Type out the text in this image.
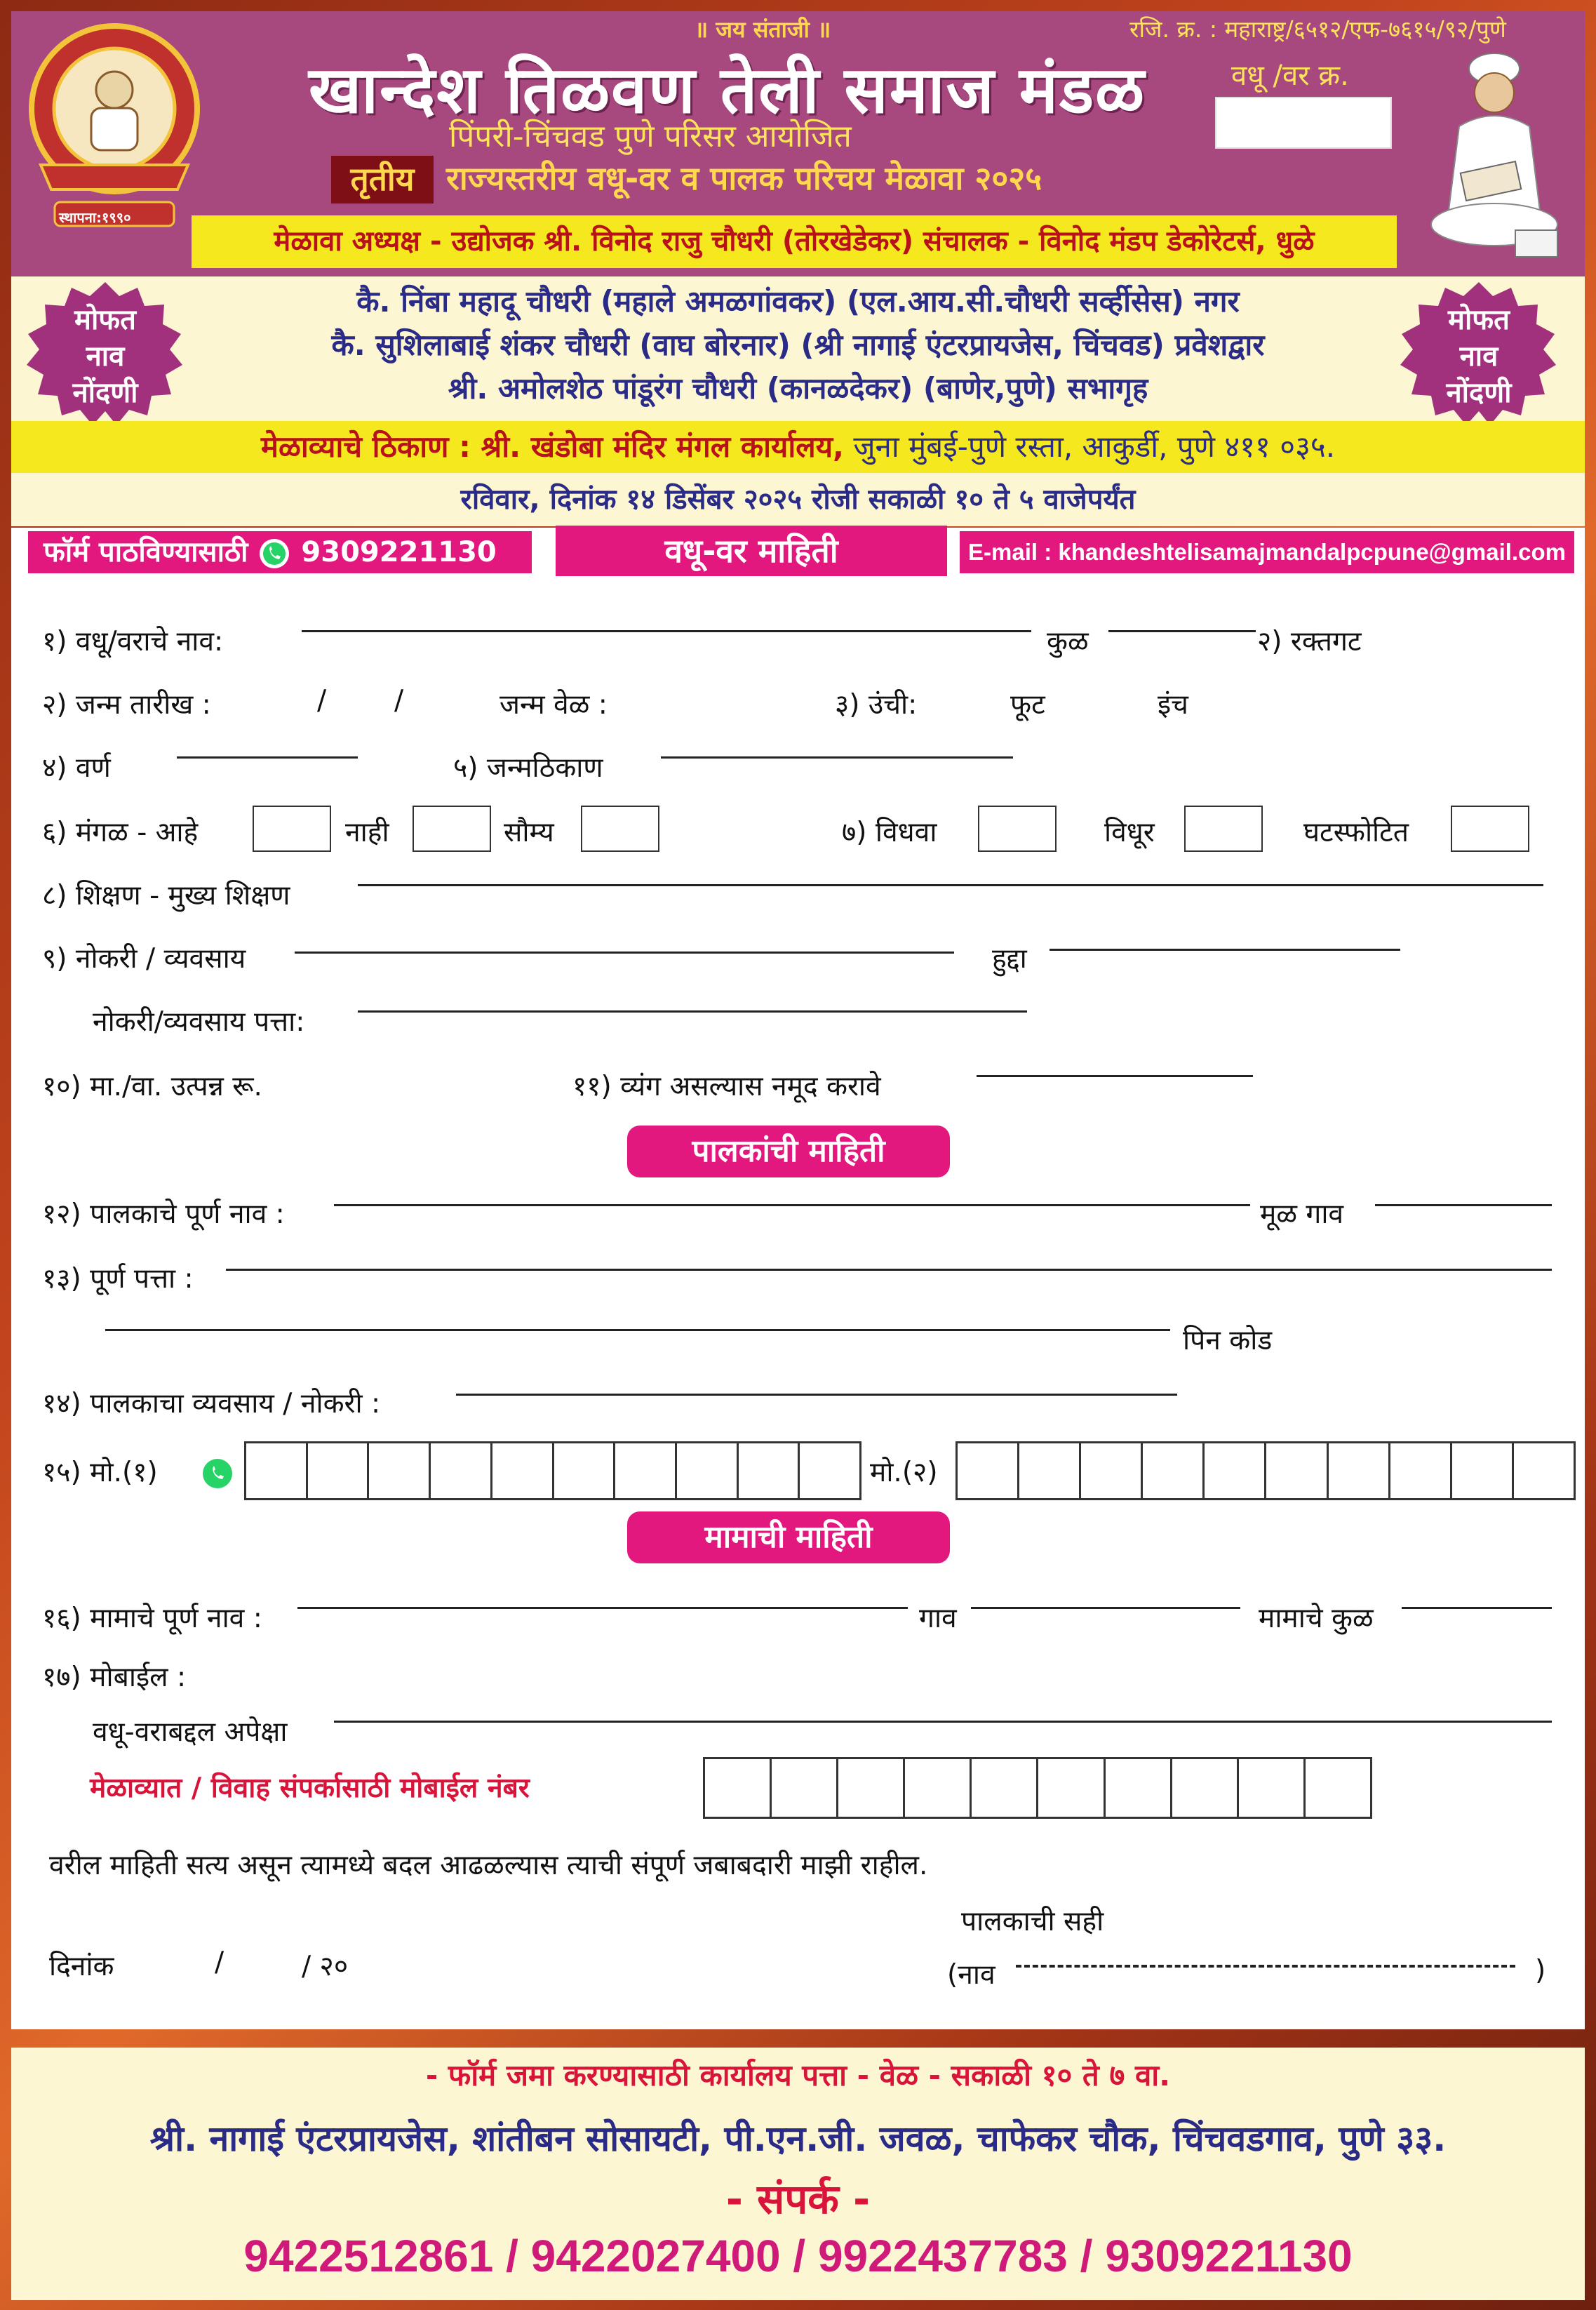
स्थापना:१९९०
॥ जय संताजी ॥	रजि. क्र. : महाराष्ट्र/६५१२/एफ-७६१५/९२/पुणे
खान्देश तिळवण तेली समाज मंडळ	वधू /वर क्र.
पिंपरी-चिंचवड पुणे परिसर आयोजित
तृतीय राज्यस्तरीय वधू-वर व पालक परिचय मेळावा २०२५
मेळावा अध्यक्ष - उद्योजक श्री. विनोद राजु चौधरी (तोरखेडेकर) संचालक - विनोद मंडप डेकोरेटर्स, धुळे
कै. निंबा महादू चौधरी (महाले अमळगांवकर) (एल.आय.सी.चौधरी सर्व्हीसेस) नगर
कै. सुशिलाबाई शंकर चौधरी (वाघ बोरनार) (श्री नागाई एंटरप्रायजेस, चिंचवड) प्रवेशद्वार
श्री. अमोलशेठ पांडूरंग चौधरी (कानळदेकर) (बाणेर,पुणे) सभागृह
मोफत
नाव
नोंदणी
मोफत
नाव
नोंदणी
मेळाव्याचे ठिकाण : श्री. खंडोबा मंदिर मंगल कार्यालय, जुना मुंबई-पुणे रस्ता, आकुर्डी, पुणे ४११ ०३५.
रविवार, दिनांक १४ डिसेंबर २०२५ रोजी सकाळी १० ते ५ वाजेपर्यंत
फॉर्म पाठविण्यासाठी 9309221130	वधू-वर माहिती	E-mail : khandeshtelisamajmandalpcpune@gmail.com
१) वधू/वराचे नाव:	कुळ	२) रक्तगट
२) जन्म तारीख :	/ /	जन्म वेळ :	३) उंची:	फूट	इंच
४) वर्ण	५) जन्मठिकाण
६) मंगळ - आहे	नाही	सौम्य	७) विधवा	विधूर	घटस्फोटित
८) शिक्षण - मुख्य शिक्षण
९) नोकरी / व्यवसाय	हुद्दा
नोकरी/व्यवसाय पत्ता:
१०) मा./वा. उत्पन्न रू.	११) व्यंग असल्यास नमूद करावे
पालकांची माहिती
१२) पालकाचे पूर्ण नाव :	मूळ गाव
१३) पूर्ण पत्ता :
पिन कोड
१४) पालकाचा व्यवसाय / नोकरी :
१५) मो.(१)	मो.(२)
मामाची माहिती
१६) मामाचे पूर्ण नाव :	गाव	मामाचे कुळ
१७) मोबाईल :
वधू-वराबद्दल अपेक्षा
मेळाव्यात / विवाह संपर्कासाठी मोबाईल नंबर
वरील माहिती सत्य असून त्यामध्ये बदल आढळल्यास त्याची संपूर्ण जबाबदारी माझी राहील.
पालकाची सही
दिनांक	/	/ २०	(नाव	)
- फॉर्म जमा करण्यासाठी कार्यालय पत्ता - वेळ - सकाळी १० ते ७ वा.
श्री. नागाई एंटरप्रायजेस, शांतीबन सोसायटी, पी.एन.जी. जवळ, चाफेकर चौक, चिंचवडगाव, पुणे ३३.
- संपर्क -
9422512861 / 9422027400 / 9922437783 / 9309221130
